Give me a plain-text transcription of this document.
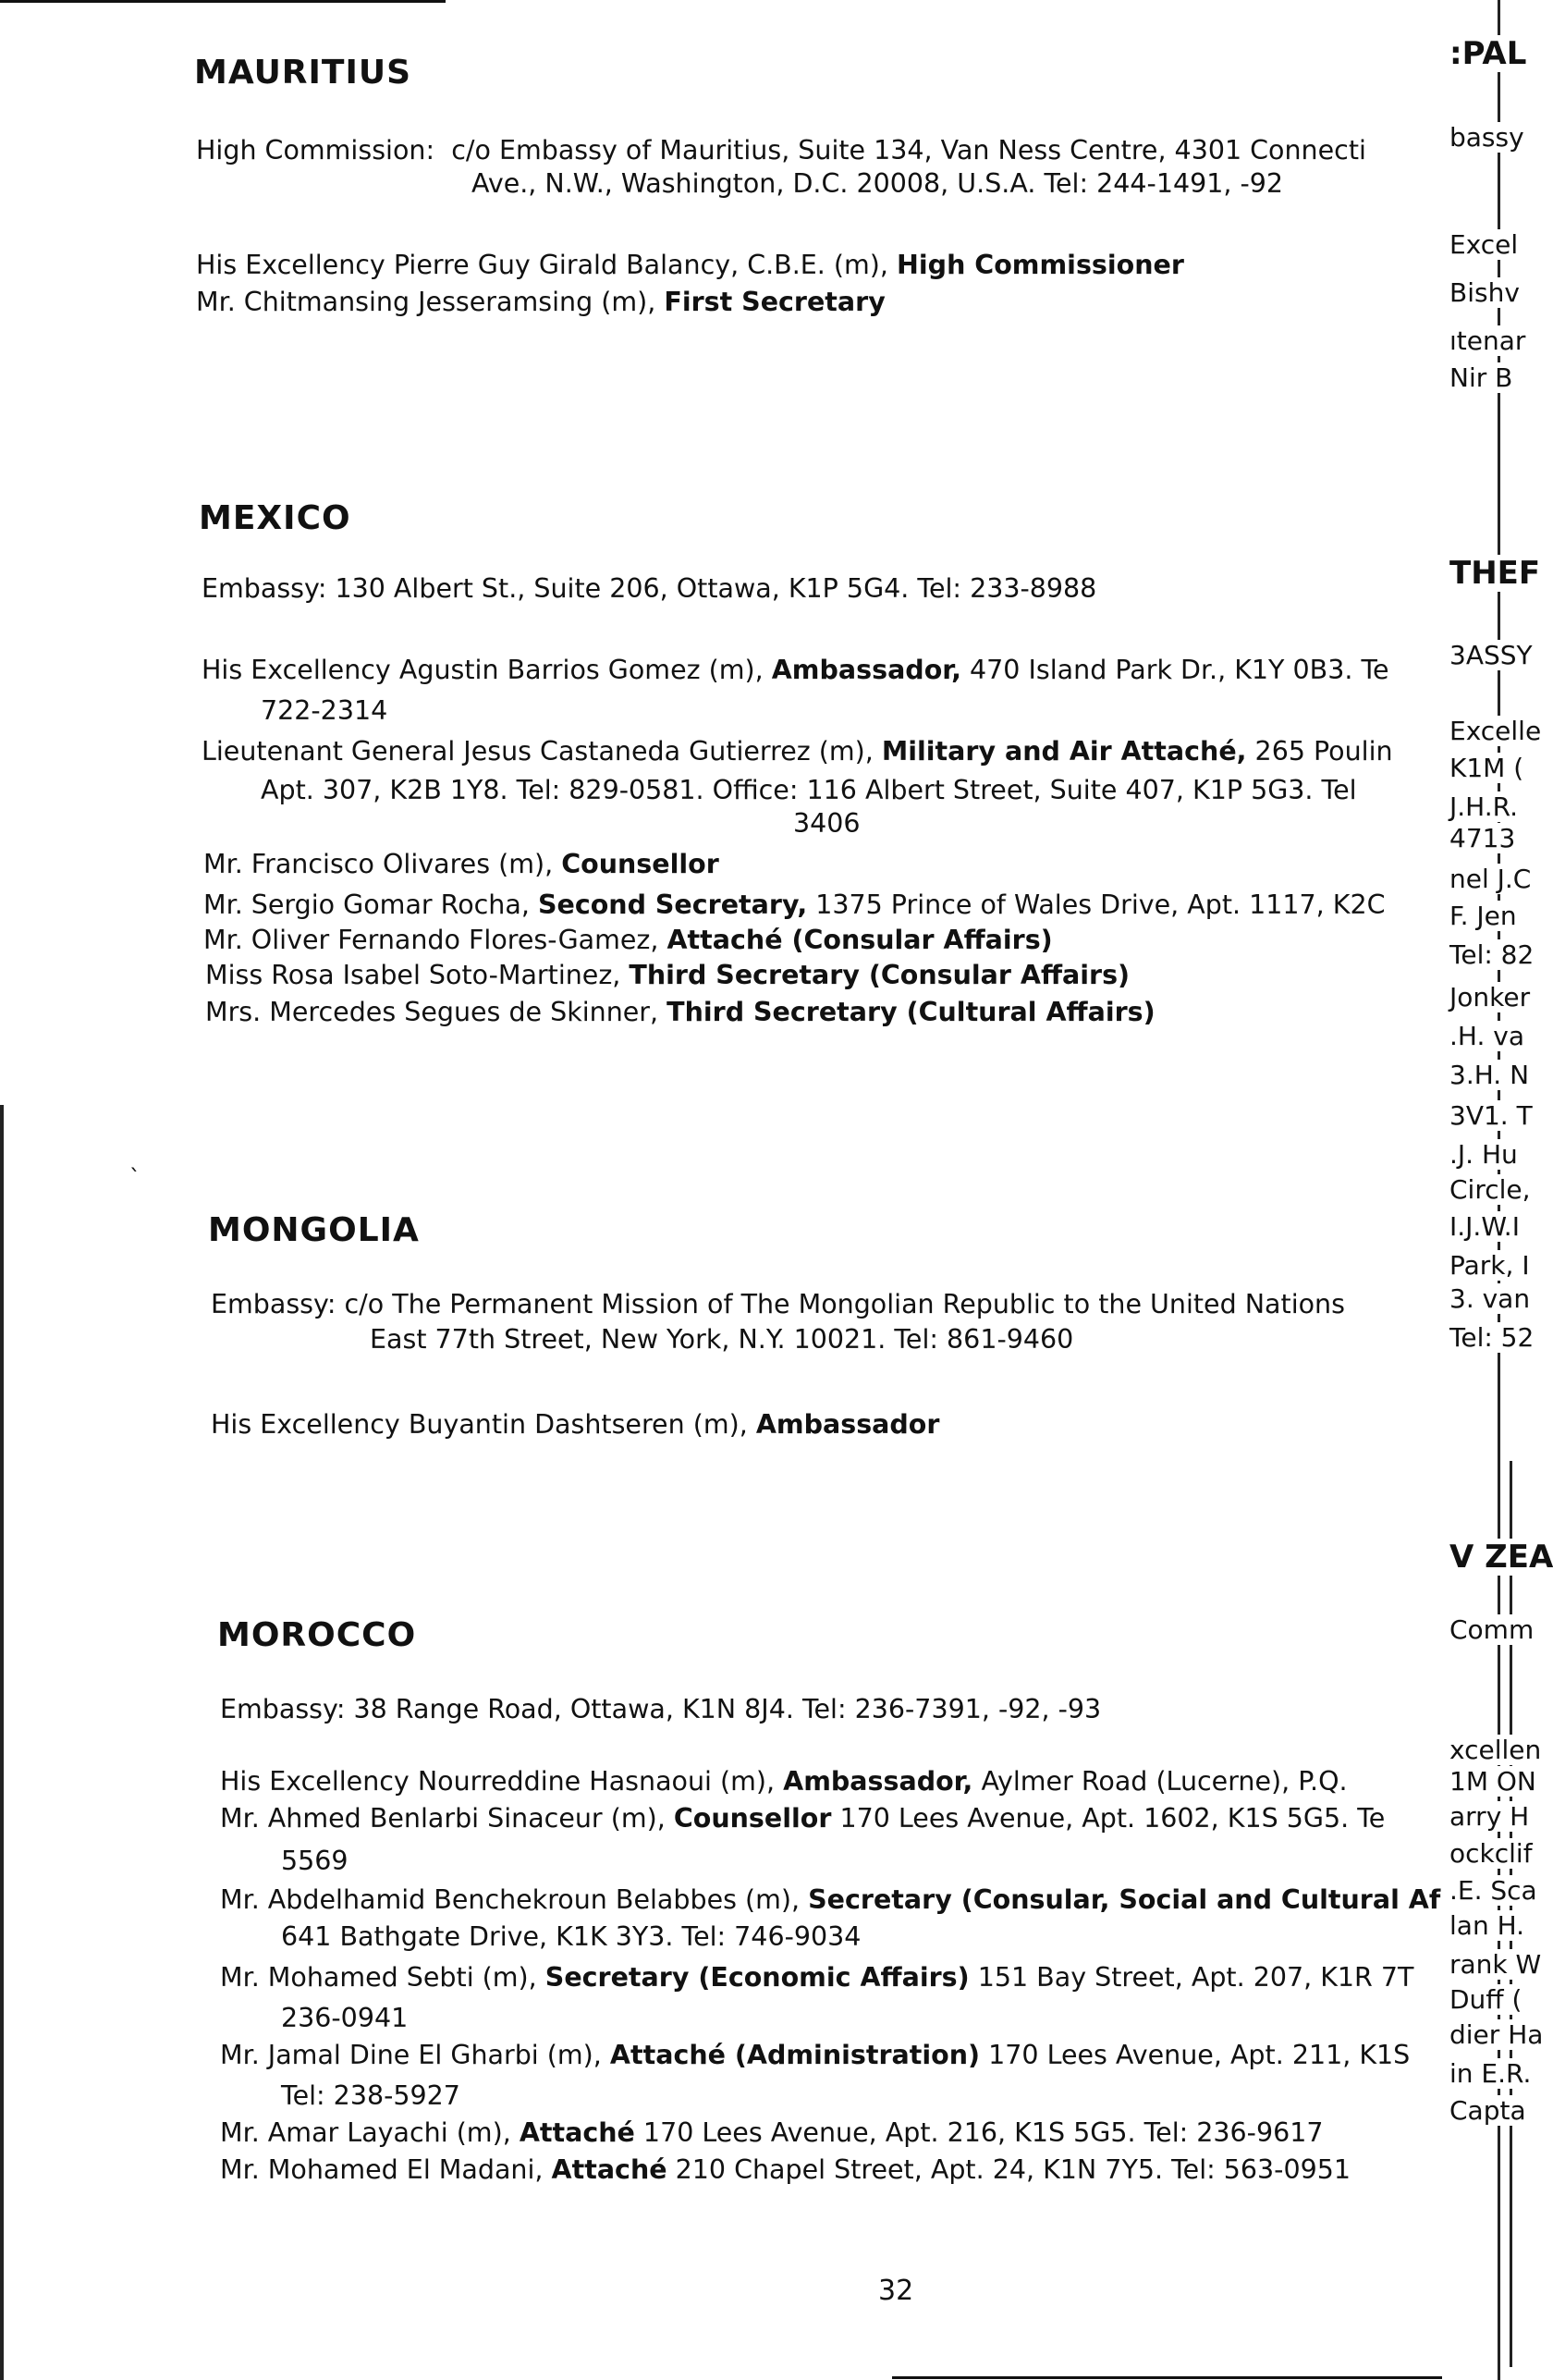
MAURITIUS
High Commission: c/o Embassy of Mauritius, Suite 134, Van Ness Centre, 4301 Connecti
Ave., N.W., Washington, D.C. 20008, U.S.A. Tel: 244-1491, -92
His Excellency Pierre Guy Girald Balancy, C.B.E. (m), High Commissioner
Mr. Chitmansing Jesseramsing (m), First Secretary
MEXICO
Embassy: 130 Albert St., Suite 206, Ottawa, K1P 5G4. Tel: 233-8988
His Excellency Agustin Barrios Gomez (m), Ambassador, 470 Island Park Dr., K1Y 0B3. Te
722-2314
Lieutenant General Jesus Castaneda Gutierrez (m), Military and Air Attaché, 265 Poulin
Apt. 307, K2B 1Y8. Tel: 829-0581. Office: 116 Albert Street, Suite 407, K1P 5G3. Tel
3406
Mr. Francisco Olivares (m), Counsellor
Mr. Sergio Gomar Rocha, Second Secretary, 1375 Prince of Wales Drive, Apt. 1117, K2C
Mr. Oliver Fernando Flores-Gamez, Attaché (Consular Affairs)
Miss Rosa Isabel Soto-Martinez, Third Secretary (Consular Affairs)
Mrs. Mercedes Segues de Skinner, Third Secretary (Cultural Affairs)
MONGOLIA
Embassy: c/o The Permanent Mission of The Mongolian Republic to the United Nations
East 77th Street, New York, N.Y. 10021. Tel: 861-9460
His Excellency Buyantin Dashtseren (m), Ambassador
MOROCCO
Embassy: 38 Range Road, Ottawa, K1N 8J4. Tel: 236-7391, -92, -93
His Excellency Nourreddine Hasnaoui (m), Ambassador, Aylmer Road (Lucerne), P.Q.
Mr. Ahmed Benlarbi Sinaceur (m), Counsellor 170 Lees Avenue, Apt. 1602, K1S 5G5. Te
5569
Mr. Abdelhamid Benchekroun Belabbes (m), Secretary (Consular, Social and Cultural Af
641 Bathgate Drive, K1K 3Y3. Tel: 746-9034
Mr. Mohamed Sebti (m), Secretary (Economic Affairs) 151 Bay Street, Apt. 207, K1R 7T
236-0941
Mr. Jamal Dine El Gharbi (m), Attaché (Administration) 170 Lees Avenue, Apt. 211, K1S
Tel: 238-5927
Mr. Amar Layachi (m), Attaché 170 Lees Avenue, Apt. 216, K1S 5G5. Tel: 236-9617
Mr. Mohamed El Madani, Attaché 210 Chapel Street, Apt. 24, K1N 7Y5. Tel: 563-0951
32
`
:PAL
bassy
Excel
Bishv
ıtenar
Nir B
THEF
3ASSY
Excelle
K1M (
J.H.R.
4713
nel J.C
F. Jen
Tel: 82
Jonker
.H. va
3.H. N
3V1. T
.J. Hu
Circle,
I.J.W.I
Park, I
3. van
Tel: 52
V ZEA
Comm
xcellen
1M ON
arry H
ockclif
.E. Sca
lan H.
rank W
Duff (
dier Ha
in E.R.
Capta
